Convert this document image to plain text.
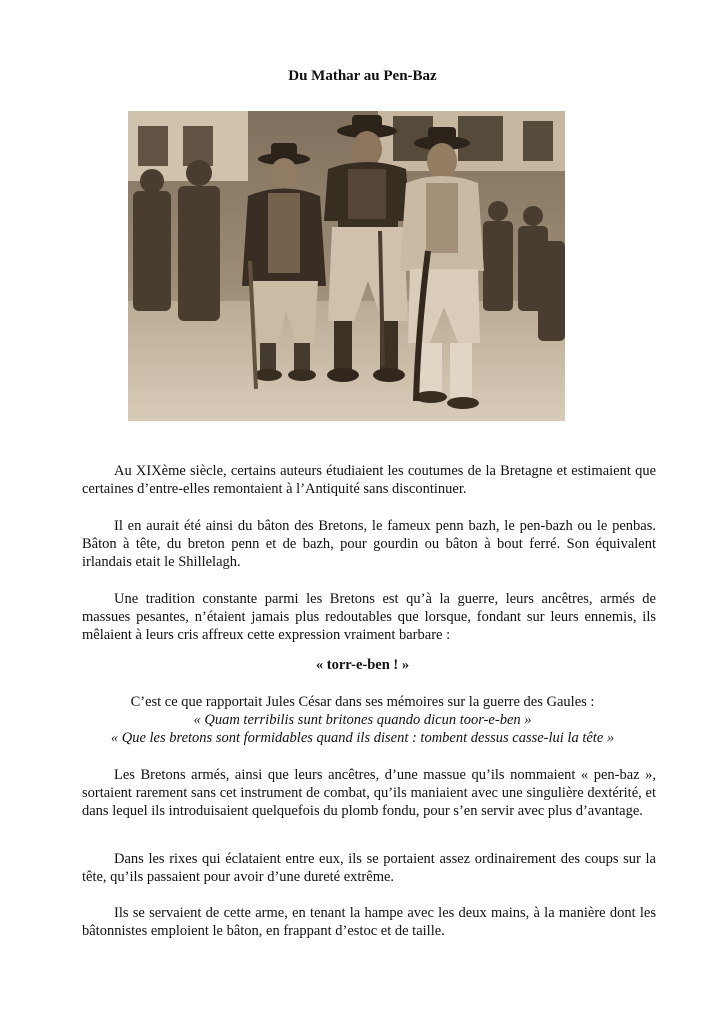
Du Mathar au Pen-Baz

Au XIXème siècle, certains auteurs étudiaient les coutumes de la Bretagne et estimaient que certaines d’entre-elles remontaient à l’Antiquité sans discontinuer.

Il en aurait été ainsi du bâton des Bretons, le fameux penn bazh, le pen-bazh ou le penbas. Bâton à tête, du breton penn et de bazh, pour gourdin ou bâton à bout ferré. Son équivalent irlandais etait le Shillelagh.

Une tradition constante parmi les Bretons est qu’à la guerre, leurs ancêtres, armés de massues pesantes, n’étaient jamais plus redoutables que lorsque, fondant sur leurs ennemis, ils mêlaient à leurs cris affreux cette expression vraiment barbare :

« torr-e-ben ! »
C’est ce que rapportait Jules César dans ses mémoires sur la guerre des Gaules :
« Quam terribilis sunt britones quando dicun toor-e-ben »
« Que les bretons sont formidables quand ils disent : tombent dessus casse-lui la tête »

Les Bretons armés, ainsi que leurs ancêtres, d’une massue qu’ils nommaient « pen-baz », sortaient rarement sans cet instrument de combat, qu’ils maniaient avec une singulière dextérité, et dans lequel ils introduisaient quelquefois du plomb fondu, pour s’en servir avec plus d’avantage.

Dans les rixes qui éclataient entre eux, ils se portaient assez ordinairement des coups sur la tête, qu’ils passaient pour avoir d’une dureté extrême.

Ils se servaient de cette arme, en tenant la hampe avec les deux mains, à la manière dont les bâtonnistes emploient le bâton, en frappant d’estoc et de taille.
